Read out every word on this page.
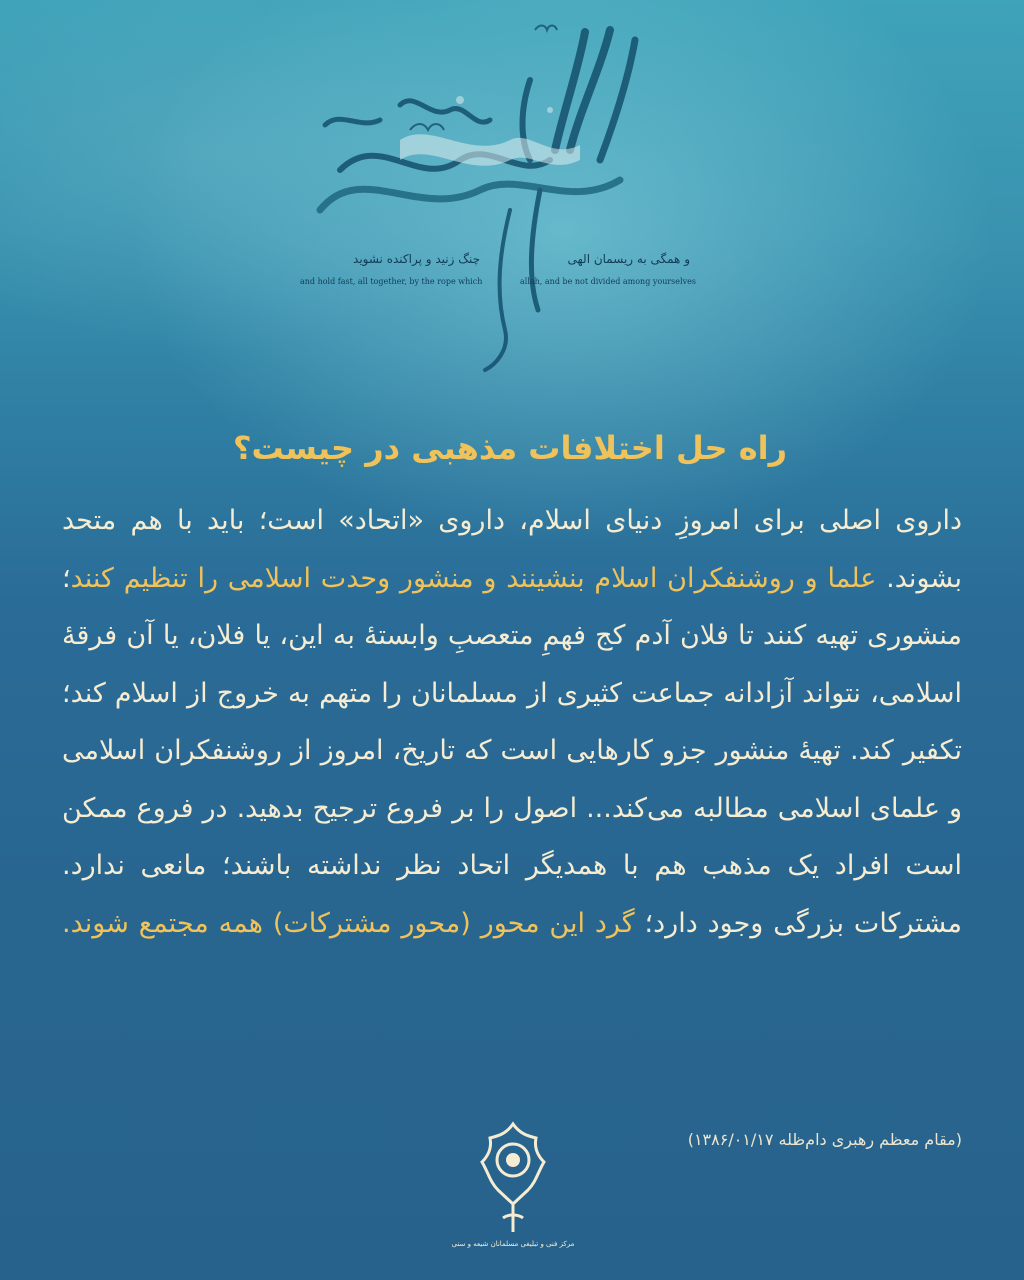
چنگ زنید و پراکنده نشوید	و همگی به ریسمان الهی
and hold fast, all together, by the rope which	allah, and be not divided among yourselves
راه حل اختلافات مذهبی در چیست؟

داروی اصلی برای امروزِ دنیای اسلام، داروی «اتحاد» است؛ باید با هم متحد بشوند. علما و روشنفکران اسلام بنشینند و منشور وحدت اسلامی را تنظیم کنند؛ منشوری تهیه کنند تا فلان آدم کج فهمِ متعصبِ وابستهٔ به این، یا فلان، یا آن فرقهٔ اسلامی، نتواند آزادانه جماعت کثیری از مسلمانان را متهم به خروج از اسلام کند؛ تکفیر کند. تهیهٔ منشور جزو کارهایی است که تاریخ، امروز از روشنفکران اسلامی و علمای اسلامی مطالبه می‌کند... اصول را بر فروع ترجیح بدهید. در فروع ممکن است افراد یک مذهب هم با همدیگر اتحاد نظر نداشته باشند؛ مانعی ندارد. مشترکات بزرگی وجود دارد؛ گرد این محور (محور مشترکات) همه مجتمع شوند.

(مقام معظم رهبری دام‌ظله ۱۳۸۶/۰۱/۱۷)
مرکز فنی و تبلیغی مسلمانان شیعه و سنی
